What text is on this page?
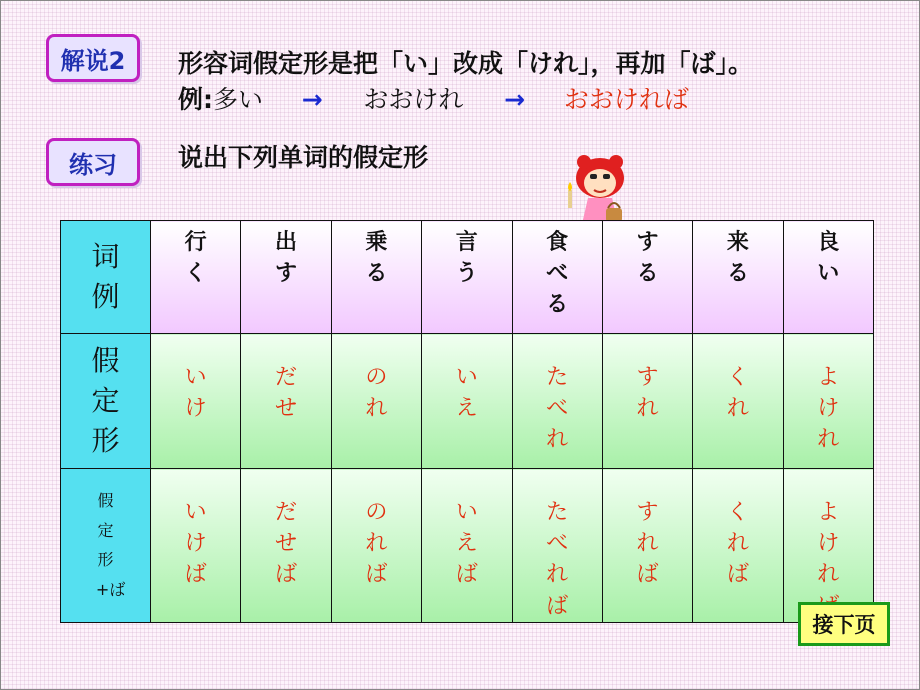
解说2
练习
形容词假定形是把「い」改成「けれ」，再加「ば」。
例:多い → おおけれ → おおければ
说出下列单词的假定形
词例	行く	出す	乗る	言う	食べる	する	来る	良い
假定形	いけ	だせ	のれ	いえ	たべれ	すれ	くれ	よけれ
假定形+ば	いけば	だせば	のれば	いえば	たべれば	すれば	くれば	よけれ
接下页
